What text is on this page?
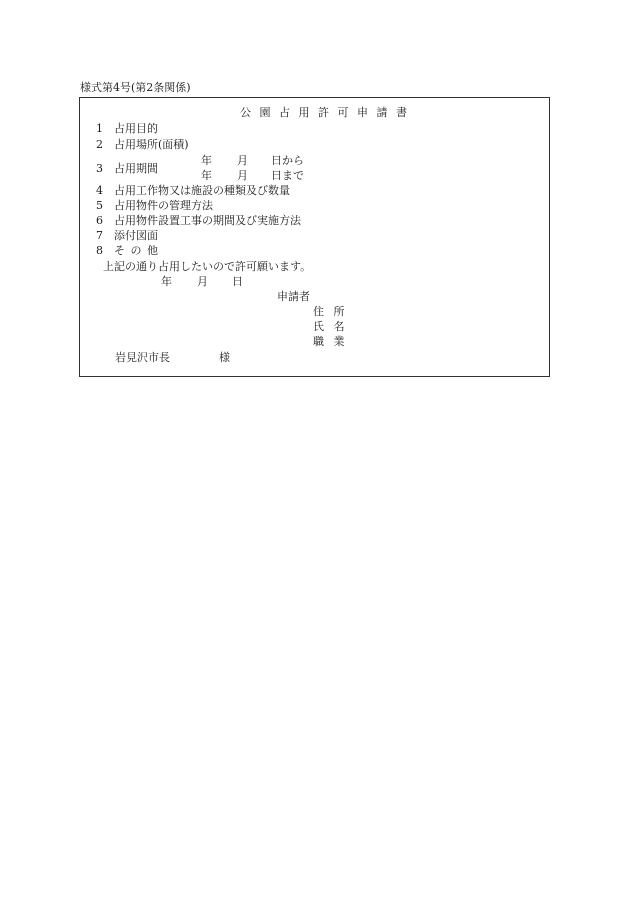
様式第4号(第2条関係)
公 園 占 用 許 可 申 請 書
1 占用目的
2 占用場所(面積)
3 占用期間
年 月 日から
年 月 日まで
4 占用工作物又は施設の種類及び数量
5 占用物件の管理方法
6 占用物件設置工事の期間及び実施方法
7 添付図面
8 そ の 他
上記の通り占用したいので許可願います。
年 月 日
申請者
住 所
氏 名
職 業
岩見沢市長	様
